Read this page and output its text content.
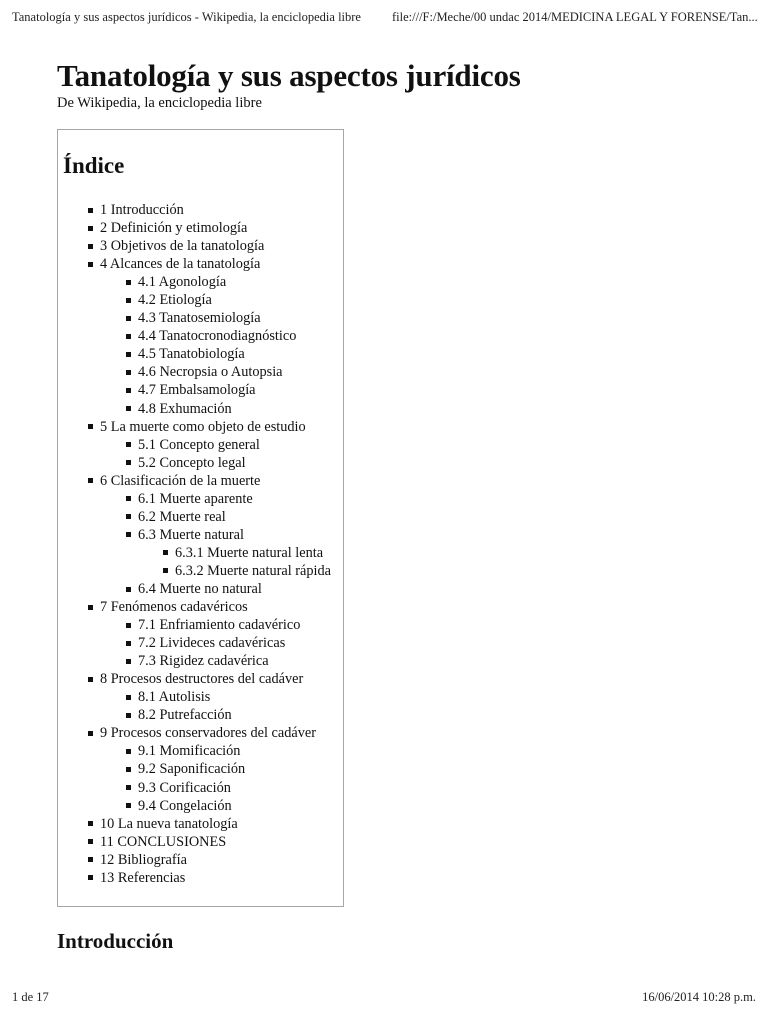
Tanatología y sus aspectos jurídicos - Wikipedia, la enciclopedia libre file:///F:/Meche/00 undac 2014/MEDICINA LEGAL Y FORENSE/Tan...
Tanatología y sus aspectos jurídicos
De Wikipedia, la enciclopedia libre
Índice
1 Introducción
2 Definición y etimología
3 Objetivos de la tanatología
4 Alcances de la tanatología
4.1 Agonología
4.2 Etiología
4.3 Tanatosemiología
4.4 Tanatocronodiagnóstico
4.5 Tanatobiología
4.6 Necropsia o Autopsia
4.7 Embalsamología
4.8 Exhumación
5 La muerte como objeto de estudio
5.1 Concepto general
5.2 Concepto legal
6 Clasificación de la muerte
6.1 Muerte aparente
6.2 Muerte real
6.3 Muerte natural
6.3.1 Muerte natural lenta
6.3.2 Muerte natural rápida
6.4 Muerte no natural
7 Fenómenos cadavéricos
7.1 Enfriamiento cadavérico
7.2 Livideces cadavéricas
7.3 Rigidez cadavérica
8 Procesos destructores del cadáver
8.1 Autolisis
8.2 Putrefacción
9 Procesos conservadores del cadáver
9.1 Momificación
9.2 Saponificación
9.3 Corificación
9.4 Congelación
10 La nueva tanatología
11 CONCLUSIONES
12 Bibliografía
13 Referencias
Introducción
1 de 17	16/06/2014 10:28 p.m.
